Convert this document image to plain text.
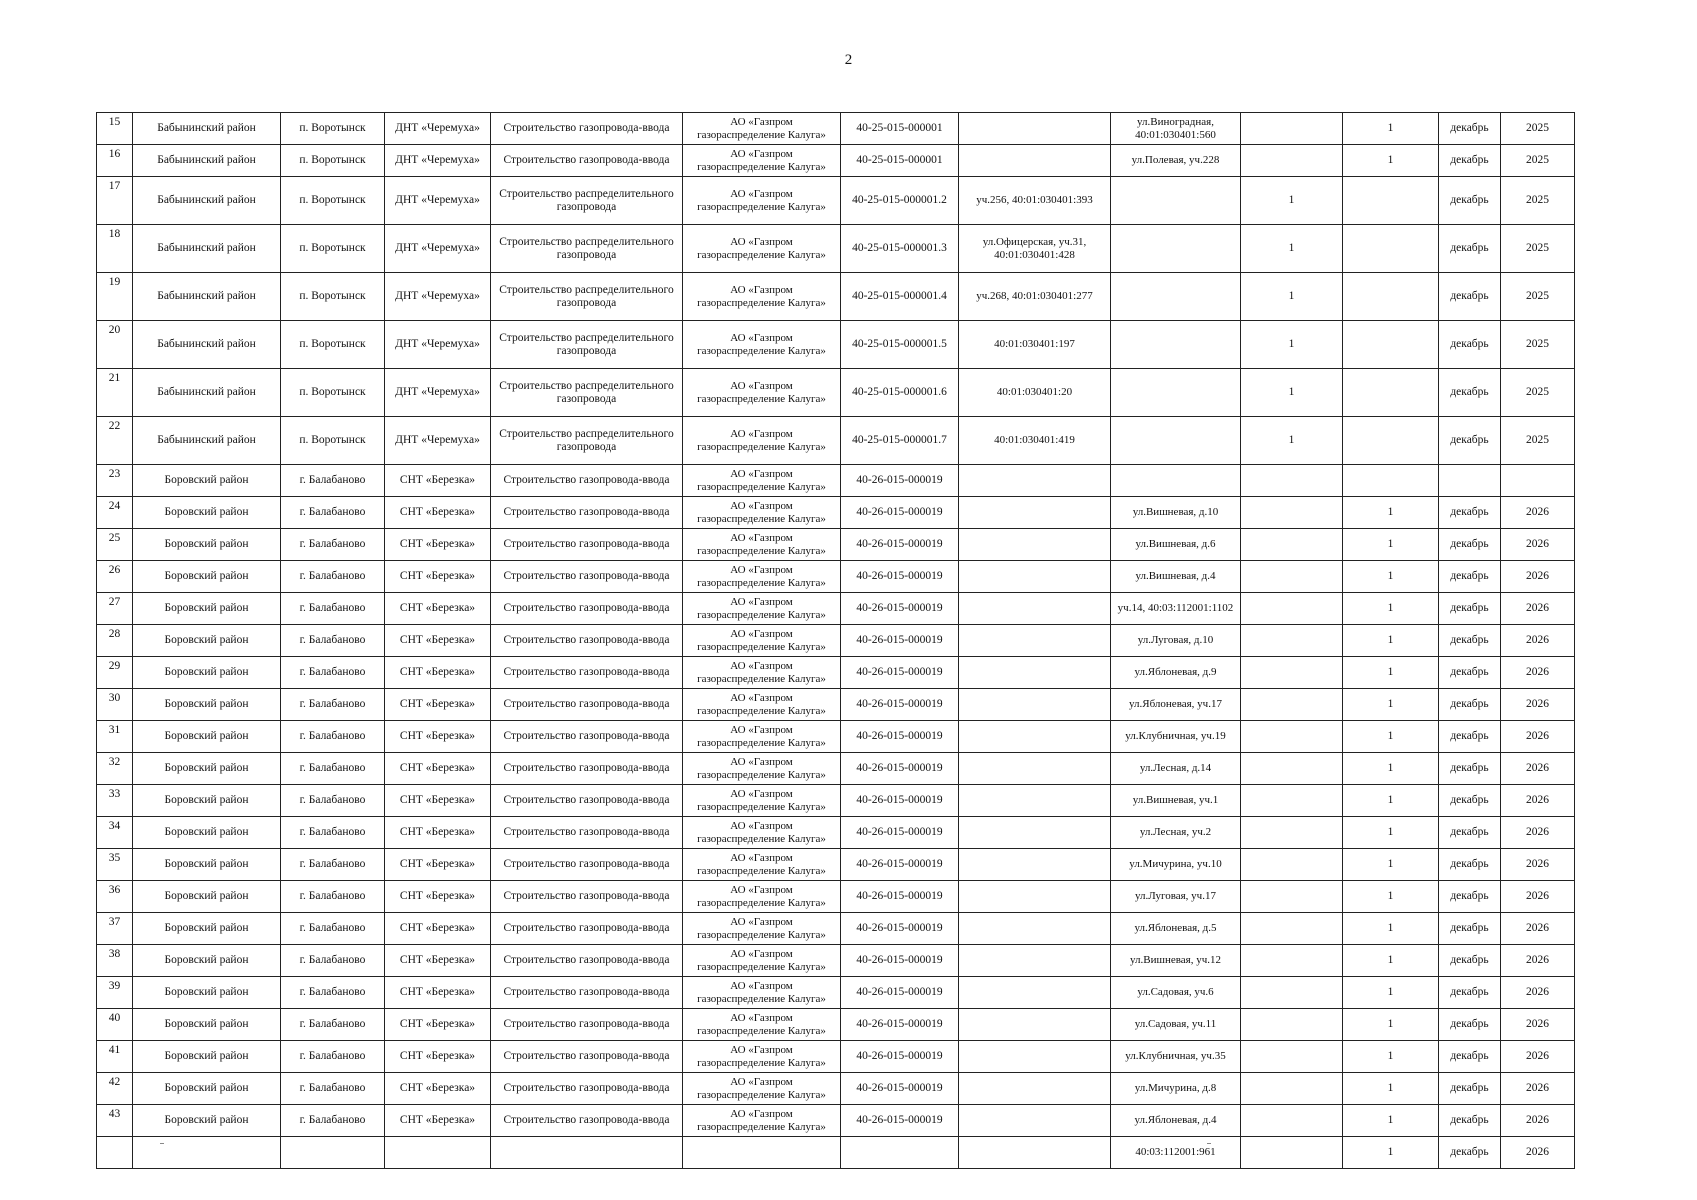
2
15	Бабынинский район	п. Воротынск	ДНТ «Черемуха»	Строительство газопровода-ввода	АО «Газпром газораспределение Калуга»	40-25-015-000001		ул.Виноградная, 40:01:030401:560		1	декабрь	2025
16	Бабынинский район	п. Воротынск	ДНТ «Черемуха»	Строительство газопровода-ввода	АО «Газпром газораспределение Калуга»	40-25-015-000001		ул.Полевая, уч.228		1	декабрь	2025
17	Бабынинский район	п. Воротынск	ДНТ «Черемуха»	Строительство распределительного газопровода	АО «Газпром газораспределение Калуга»	40-25-015-000001.2	уч.256, 40:01:030401:393		1		декабрь	2025
18	Бабынинский район	п. Воротынск	ДНТ «Черемуха»	Строительство распределительного газопровода	АО «Газпром газораспределение Калуга»	40-25-015-000001.3	ул.Офицерская, уч.31, 40:01:030401:428		1		декабрь	2025
19	Бабынинский район	п. Воротынск	ДНТ «Черемуха»	Строительство распределительного газопровода	АО «Газпром газораспределение Калуга»	40-25-015-000001.4	уч.268, 40:01:030401:277		1		декабрь	2025
20	Бабынинский район	п. Воротынск	ДНТ «Черемуха»	Строительство распределительного газопровода	АО «Газпром газораспределение Калуга»	40-25-015-000001.5	40:01:030401:197		1		декабрь	2025
21	Бабынинский район	п. Воротынск	ДНТ «Черемуха»	Строительство распределительного газопровода	АО «Газпром газораспределение Калуга»	40-25-015-000001.6	40:01:030401:20		1		декабрь	2025
22	Бабынинский район	п. Воротынск	ДНТ «Черемуха»	Строительство распределительного газопровода	АО «Газпром газораспределение Калуга»	40-25-015-000001.7	40:01:030401:419		1		декабрь	2025
23	Боровский район	г. Балабаново	СНТ «Березка»	Строительство газопровода-ввода	АО «Газпром газораспределение Калуга»	40-26-015-000019						
24	Боровский район	г. Балабаново	СНТ «Березка»	Строительство газопровода-ввода	АО «Газпром газораспределение Калуга»	40-26-015-000019		ул.Вишневая, д.10		1	декабрь	2026
25	Боровский район	г. Балабаново	СНТ «Березка»	Строительство газопровода-ввода	АО «Газпром газораспределение Калуга»	40-26-015-000019		ул.Вишневая, д.6		1	декабрь	2026
26	Боровский район	г. Балабаново	СНТ «Березка»	Строительство газопровода-ввода	АО «Газпром газораспределение Калуга»	40-26-015-000019		ул.Вишневая, д.4		1	декабрь	2026
27	Боровский район	г. Балабаново	СНТ «Березка»	Строительство газопровода-ввода	АО «Газпром газораспределение Калуга»	40-26-015-000019		уч.14, 40:03:112001:1102		1	декабрь	2026
28	Боровский район	г. Балабаново	СНТ «Березка»	Строительство газопровода-ввода	АО «Газпром газораспределение Калуга»	40-26-015-000019		ул.Луговая, д.10		1	декабрь	2026
29	Боровский район	г. Балабаново	СНТ «Березка»	Строительство газопровода-ввода	АО «Газпром газораспределение Калуга»	40-26-015-000019		ул.Яблоневая, д.9		1	декабрь	2026
30	Боровский район	г. Балабаново	СНТ «Березка»	Строительство газопровода-ввода	АО «Газпром газораспределение Калуга»	40-26-015-000019		ул.Яблоневая, уч.17		1	декабрь	2026
31	Боровский район	г. Балабаново	СНТ «Березка»	Строительство газопровода-ввода	АО «Газпром газораспределение Калуга»	40-26-015-000019		ул.Клубничная, уч.19		1	декабрь	2026
32	Боровский район	г. Балабаново	СНТ «Березка»	Строительство газопровода-ввода	АО «Газпром газораспределение Калуга»	40-26-015-000019		ул.Лесная, д.14		1	декабрь	2026
33	Боровский район	г. Балабаново	СНТ «Березка»	Строительство газопровода-ввода	АО «Газпром газораспределение Калуга»	40-26-015-000019		ул.Вишневая, уч.1		1	декабрь	2026
34	Боровский район	г. Балабаново	СНТ «Березка»	Строительство газопровода-ввода	АО «Газпром газораспределение Калуга»	40-26-015-000019		ул.Лесная, уч.2		1	декабрь	2026
35	Боровский район	г. Балабаново	СНТ «Березка»	Строительство газопровода-ввода	АО «Газпром газораспределение Калуга»	40-26-015-000019		ул.Мичурина, уч.10		1	декабрь	2026
36	Боровский район	г. Балабаново	СНТ «Березка»	Строительство газопровода-ввода	АО «Газпром газораспределение Калуга»	40-26-015-000019		ул.Луговая, уч.17		1	декабрь	2026
37	Боровский район	г. Балабаново	СНТ «Березка»	Строительство газопровода-ввода	АО «Газпром газораспределение Калуга»	40-26-015-000019		ул.Яблоневая, д.5		1	декабрь	2026
38	Боровский район	г. Балабаново	СНТ «Березка»	Строительство газопровода-ввода	АО «Газпром газораспределение Калуга»	40-26-015-000019		ул.Вишневая, уч.12		1	декабрь	2026
39	Боровский район	г. Балабаново	СНТ «Березка»	Строительство газопровода-ввода	АО «Газпром газораспределение Калуга»	40-26-015-000019		ул.Садовая, уч.6		1	декабрь	2026
40	Боровский район	г. Балабаново	СНТ «Березка»	Строительство газопровода-ввода	АО «Газпром газораспределение Калуга»	40-26-015-000019		ул.Садовая, уч.11		1	декабрь	2026
41	Боровский район	г. Балабаново	СНТ «Березка»	Строительство газопровода-ввода	АО «Газпром газораспределение Калуга»	40-26-015-000019		ул.Клубничная, уч.35		1	декабрь	2026
42	Боровский район	г. Балабаново	СНТ «Березка»	Строительство газопровода-ввода	АО «Газпром газораспределение Калуга»	40-26-015-000019		ул.Мичурина, д.8		1	декабрь	2026
43	Боровский район	г. Балабаново	СНТ «Березка»	Строительство газопровода-ввода	АО «Газпром газораспределение Калуга»	40-26-015-000019		ул.Яблоневая, д.4		1	декабрь	2026
								40:03:112001:961		1	декабрь	2026
